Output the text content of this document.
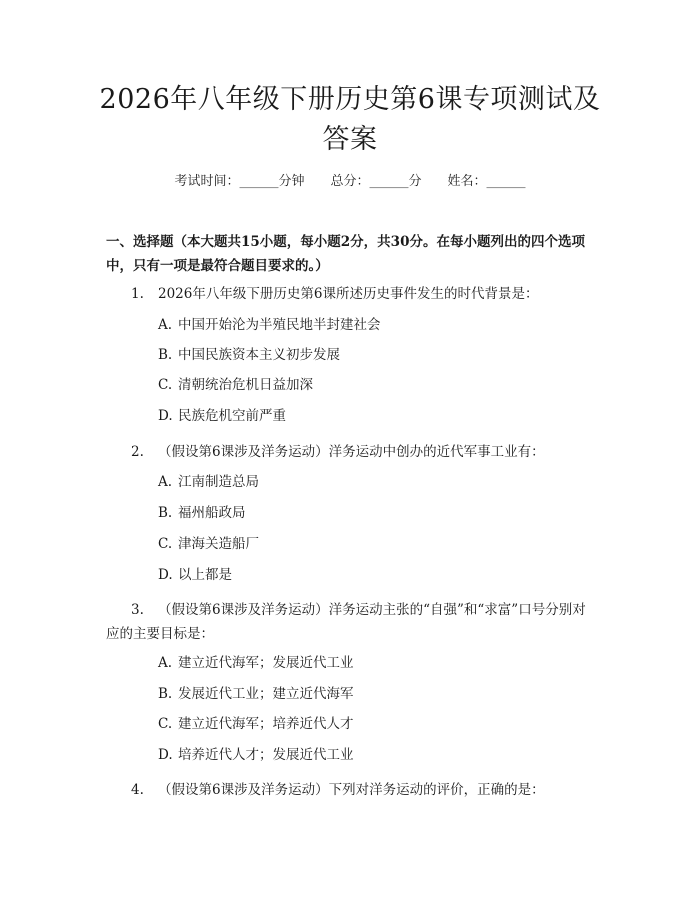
2026年八年级下册历史第6课专项测试及答案
考试时间：______分钟 总分：______分 姓名：______

一、选择题（本大题共15小题，每小题2分，共30分。在每小题列出的四个选项中，只有一项是最符合题目要求的。）

1. 2026年八年级下册历史第6课所述历史事件发生的时代背景是：
A. 中国开始沦为半殖民地半封建社会
B. 中国民族资本主义初步发展
C. 清朝统治危机日益加深
D. 民族危机空前严重
2. （假设第6课涉及洋务运动）洋务运动中创办的近代军事工业有：
A. 江南制造总局
B. 福州船政局
C. 津海关造船厂
D. 以上都是
3.	（假设第6课涉及洋务运动）洋务运动主张的“自强”和“求富”口号分别对应的主要目标是：
A. 建立近代海军；发展近代工业
B. 发展近代工业；建立近代海军
C. 建立近代海军；培养近代人才
D. 培养近代人才；发展近代工业
4. （假设第6课涉及洋务运动）下列对洋务运动的评价，正确的是：
